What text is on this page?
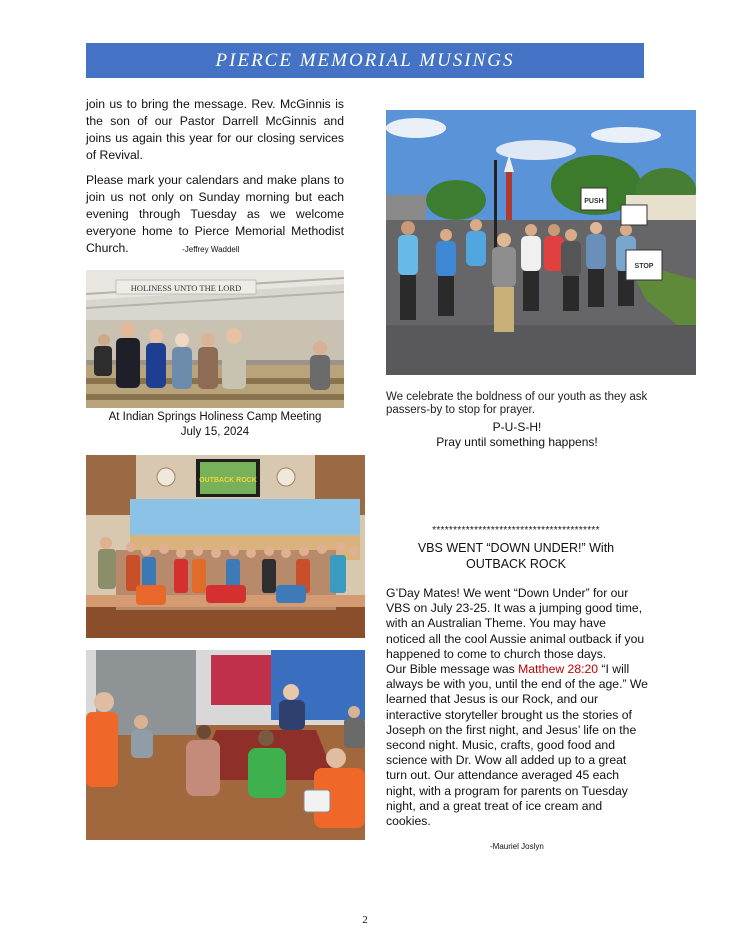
PIERCE MEMORIAL MUSINGS

join us to bring the message. Rev. McGinnis is the son of our Pastor Darrell McGinnis and joins us again this year for our closing services of Revival.

Please mark your calendars and make plans to join us not only on Sunday morning but each evening through Tuesday as we welcome everyone home to Pierce Memorial Methodist Church.	-Jeffrey Waddell

HOLINESS UNTO THE LORD
At Indian Springs Holiness Camp Meeting
July 15, 2024
OUTBACK ROCK
PUSH
STOP
We celebrate the boldness of our youth as they ask passers-by to stop for prayer.
P-U-S-H!
Pray until something happens!
****************************************
VBS WENT “DOWN UNDER!” With
OUTBACK ROCK

G’Day Mates! We went “Down Under” for our VBS on July 23-25. It was a jumping good time, with an Australian Theme. You may have noticed all the cool Aussie animal outback if you happened to come to church those days.

Our Bible message was Matthew 28:20 “I will always be with you, until the end of the age.” We learned that Jesus is our Rock, and our interactive storyteller brought us the stories of Joseph on the first night, and Jesus’ life on the second night. Music, crafts, good food and science with Dr. Wow all added up to a great turn out. Our attendance averaged 45 each night, with a program for parents on Tuesday night, and a great treat of ice cream and cookies.

-Mauriel Joslyn
2
